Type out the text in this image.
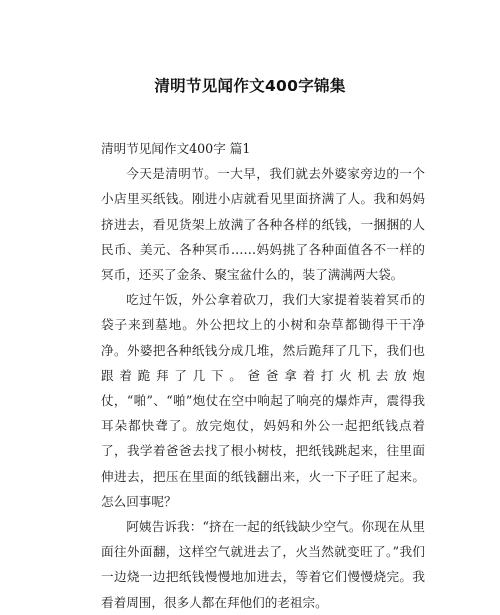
清明节见闻作文400字锦集

清明节见闻作文400字 篇1

今天是清明节。一大早，我们就去外婆家旁边的一个小店里买纸钱。刚进小店就看见里面挤满了人。我和妈妈挤进去，看见货架上放满了各种各样的纸钱，一捆捆的人民币、美元、各种冥币……妈妈挑了各种面值各不一样的冥币，还买了金条、聚宝盆什么的，装了满满两大袋。

吃过午饭，外公拿着砍刀，我们大家提着装着冥币的袋子来到墓地。外公把坟上的小树和杂草都锄得干干净净。外婆把各种纸钱分成几堆，然后跪拜了几下，我们也跟着跪拜了几下。爸爸拿着打火机去放炮仗，“啪”、“啪”炮仗在空中响起了响亮的爆炸声，震得我耳朵都快聋了。放完炮仗，妈妈和外公一起把纸钱点着了，我学着爸爸去找了根小树枝，把纸钱跳起来，往里面伸进去，把压在里面的纸钱翻出来，火一下子旺了起来。怎么回事呢？

阿姨告诉我：“挤在一起的纸钱缺少空气。你现在从里面往外面翻，这样空气就进去了，火当然就变旺了。”我们一边烧一边把纸钱慢慢地加进去，等着它们慢慢烧完。我看着周围，很多人都在拜他们的老祖宗。
